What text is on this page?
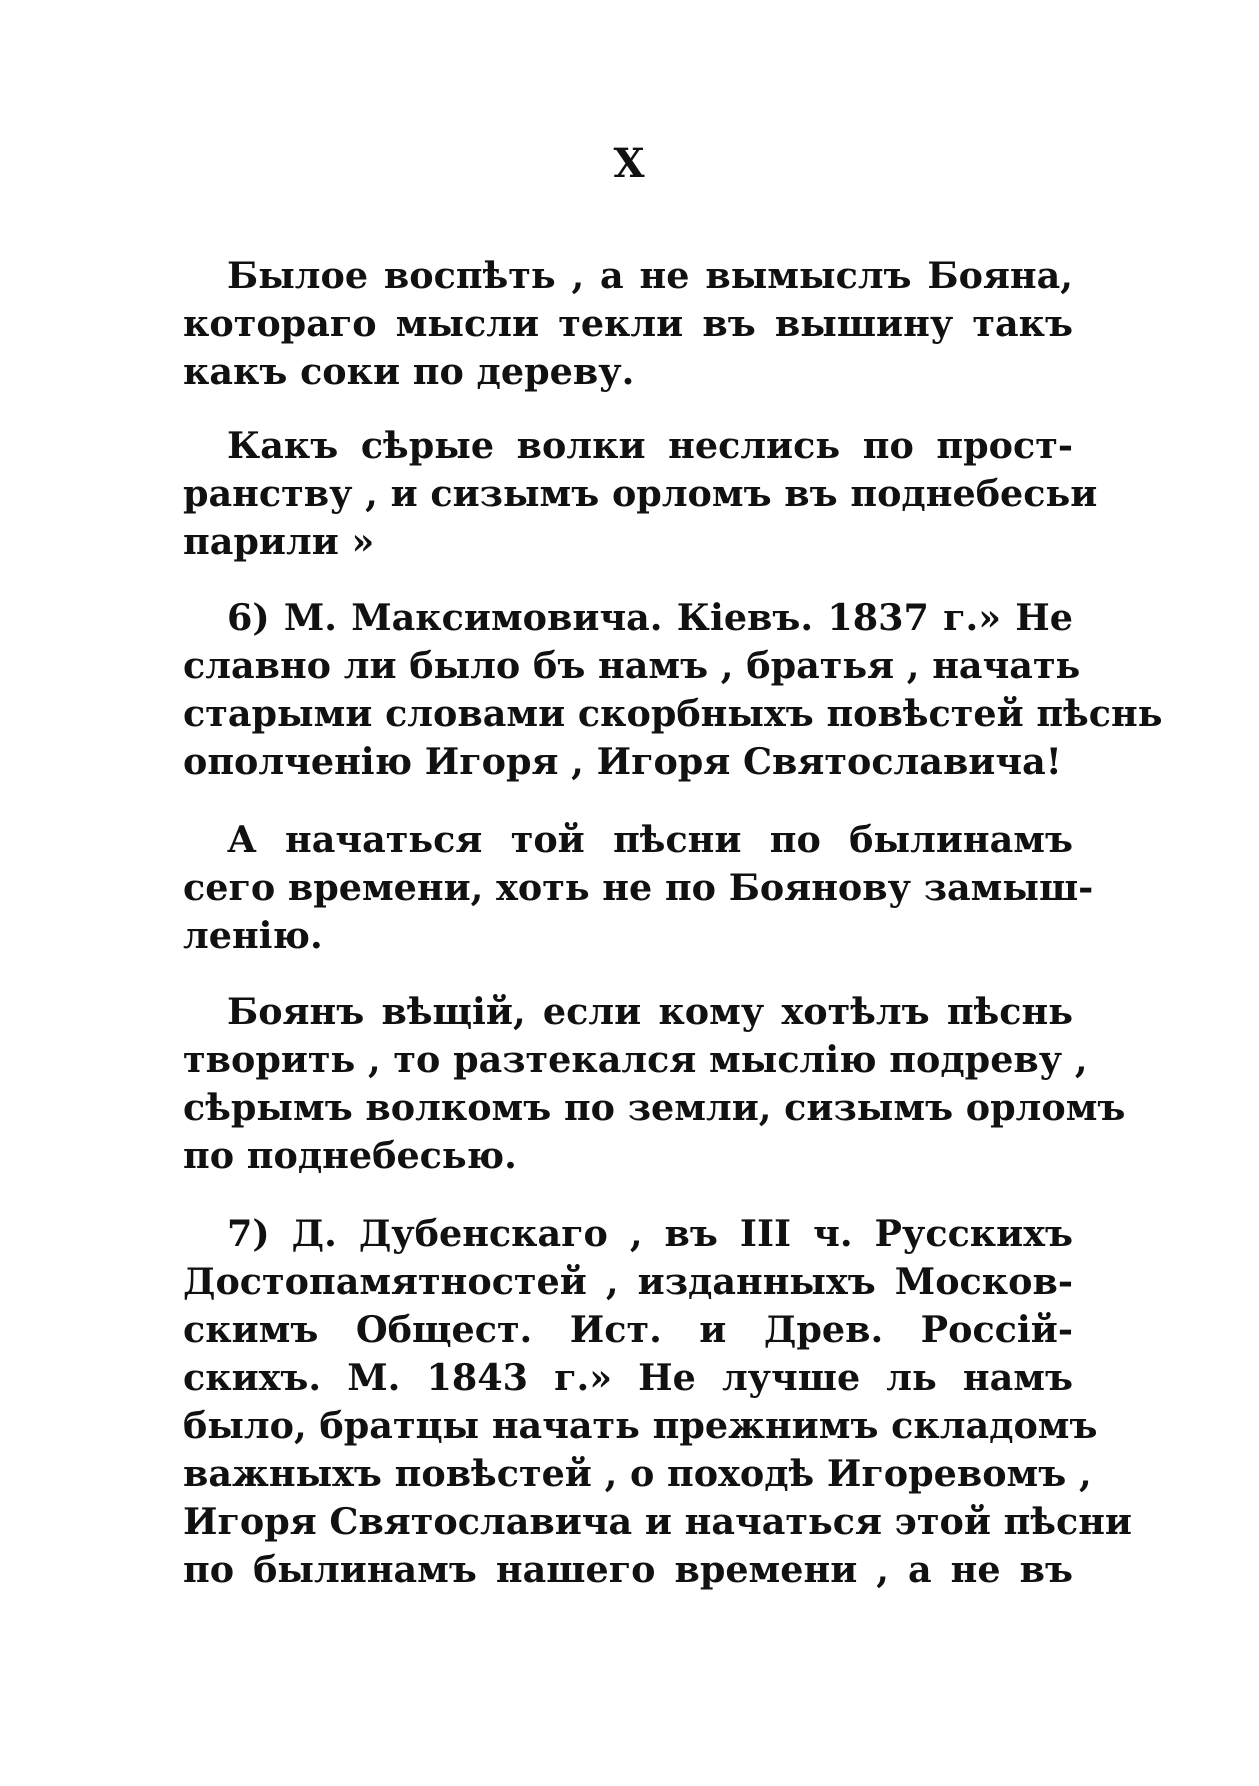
X
Былое воспѣть , а не вымыслъ Бояна,
котораго мысли текли въ вышину такъ
какъ соки по дереву.
Какъ сѣрые волки неслись по прост-
ранству , и сизымъ орломъ въ поднебесьи
парили »
6) М. Максимовича. Кіевъ. 1837 г.» Не
славно ли было бъ намъ , братья , начать
старыми словами скорбныхъ повѣстей пѣснь
ополченію Игоря , Игоря Святославича!
А начаться той пѣсни по былинамъ
сего времени, хоть не по Боянову замыш-
ленію.
Боянъ вѣщій, если кому хотѣлъ пѣснь
творить , то разтекался мыслію подреву ,
сѣрымъ волкомъ по земли, сизымъ орломъ
по поднебесью.
7) Д. Дубенскаго , въ III ч. Русскихъ
Достопамятностей , изданныхъ Москов-
скимъ Общест. Ист. и Древ. Россій-
скихъ. М. 1843 г.» Не лучше ль намъ
было, братцы начать прежнимъ складомъ
важныхъ повѣстей , о походѣ Игоревомъ ,
Игоря Святославича и начаться этой пѣсни
по былинамъ нашего времени , а не въ
